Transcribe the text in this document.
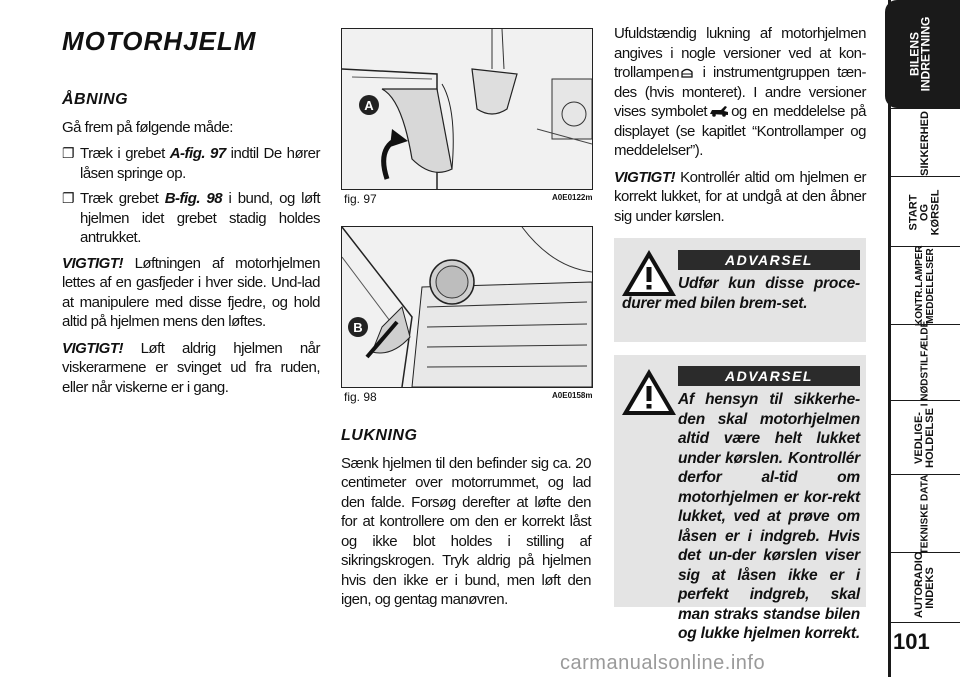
MOTORHJELM
ÅBNING

Gå frem på følgende måde:

❐ Træk i grebet A-fig. 97 indtil De hører låsen springe op.
❐ Træk grebet B-fig. 98 i bund, og løft hjelmen idet grebet stadig holdes antrukket.

VIGTIGT! Løftningen af motorhjelmen lettes af en gasfjeder i hver side. Und-lad at manipulere med disse fjedre, og hold altid på hjelmen mens den løftes.

VIGTIGT! Løft aldrig hjelmen når viskerarmene er svinget ud fra ruden, eller når viskerne er i gang.

A
fig. 97	A0E0122m
B
fig. 98	A0E0158m
LUKNING

Sænk hjelmen til den befinder sig ca. 20 centimeter over motorrummet, og lad den falde. Forsøg derefter at løfte den for at kontrollere om den er korrekt låst og ikke blot holdes i stilling af sikringskrogen. Tryk aldrig på hjelmen hvis den ikke er i bund, men løft den igen, og gentag manøvren.

Ufuldstændig lukning af motorhjelmen angives i nogle versioner ved at kon-trollampen i instrumentgruppen tæn-des (hvis monteret). I andre versioner vises symbolet og en meddelelse på displayet (se kapitlet “Kontrollamper og meddelelser”).

VIGTIGT! Kontrollér altid om hjelmen er korrekt lukket, for at undgå at den åbner sig under kørslen.

ADVARSEL
Udfør kun disse proce-durer med bilen brem-set.
ADVARSEL
Af hensyn til sikkerhe-den skal motorhjelmen altid være helt lukket under kørslen. Kontrollér derfor al-tid om motorhjelmen er kor-rekt lukket, ved at prøve om låsen er i indgreb. Hvis det un-der kørslen viser sig at låsen ikke er i perfekt indgreb, skal man straks standse bilen og lukke hjelmen korrekt.
BILENS INDRETNING
SIKKERHED
START OG KØRSEL
KONTR.LAMPER MEDDELELSER
I NØDSTILFÆLDE
VEDLIGE-HOLDELSE
TEKNISKE DATA
AUTORADIO INDEKS
101
carmanualsonline.info
